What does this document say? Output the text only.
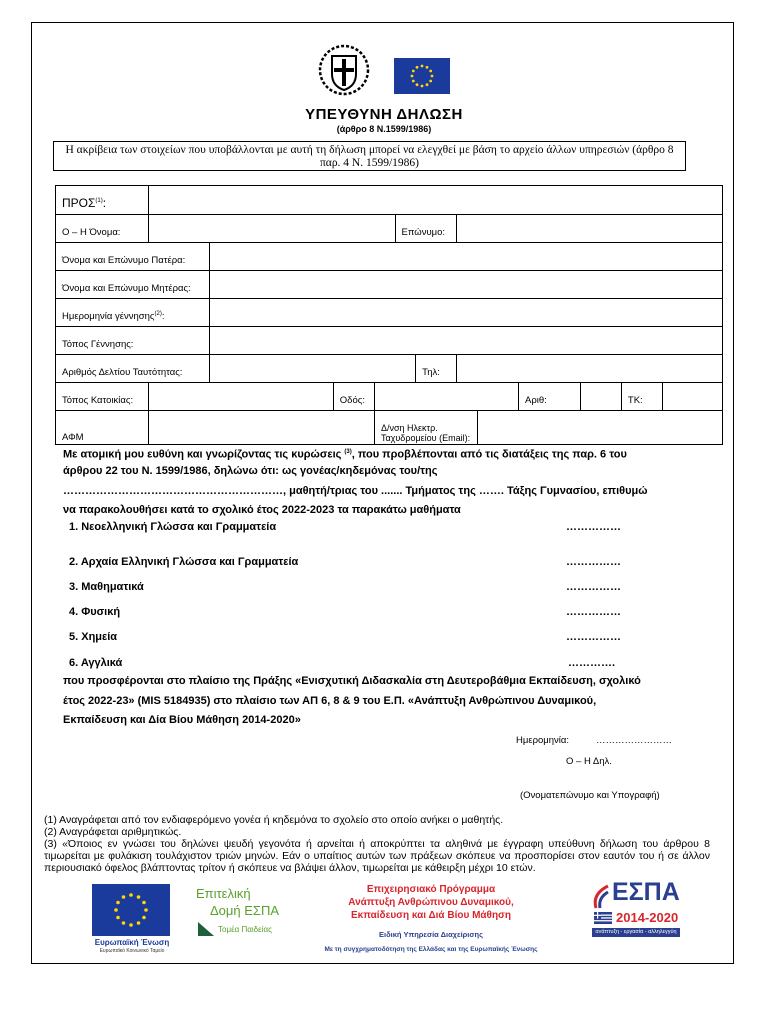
ΥΠΕΥΘΥΝΗ ΔΗΛΩΣΗ
(άρθρο 8 Ν.1599/1986)
Η ακρίβεια των στοιχείων που υποβάλλονται με αυτή τη δήλωση μπορεί να ελεγχθεί με βάση το αρχείο άλλων υπηρεσιών (άρθρο 8 παρ. 4 Ν. 1599/1986)
ΠΡΟΣ$^{(1)}$:												
Ο – Η Όνομα:					Επώνυμο:							
Όνομα και Επώνυμο Πατέρα:												
Όνομα και Επώνυμο Μητέρας:												
Ημερομηνία γέννησης$^{(2)}$:												
Τόπος Γέννησης:												
Αριθμός Δελτίου Ταυτότητας:						Τηλ:						
Τόπος Κατοικίας:			Οδός:						Αριθ:		ΤΚ:	
ΑΦΜ				Δ/νση Ηλεκτρ. Ταχυδρομείου (Email):								
Με ατομική μου ευθύνη και γνωρίζοντας τις κυρώσεις $^{(3)}$, που προβλέπονται από τις διατάξεις της παρ. 6 του
άρθρου 22 του Ν. 1599/1986, δηλώνω ότι: ως γονέας/κηδεμόνας του/της
……………………………………………………, μαθητή/τριας του ....... Τμήματος της ……. Τάξης Γυμνασίου, επιθυμώ
να παρακολουθήσει κατά το σχολικό έτος 2022-2023 τα παρακάτω μαθήματα
1. Νεοελληνική Γλώσσα και Γραμματεία	……………
2. Αρχαία Ελληνική Γλώσσα και Γραμματεία	……………
3. Μαθηματικά	……………
4. Φυσική	……………
5. Χημεία	……………
6. Αγγλικά	………….
που προσφέρονται στο πλαίσιο της Πράξης «Ενισχυτική Διδασκαλία στη Δευτεροβάθμια Εκπαίδευση, σχολικό
έτος 2022-23» (MIS 5184935) στο πλαίσιο των ΑΠ 6, 8 & 9 του Ε.Π. «Ανάπτυξη Ανθρώπινου Δυναμικού,
Εκπαίδευση και Δία Βίου Μάθηση 2014-2020»
Ημερομηνία:	……………………
Ο – Η Δηλ.
(Ονοματεπώνυμο και Υπογραφή)
(1) Αναγράφεται από τον ενδιαφερόμενο γονέα ή κηδεμόνα το σχολείο στο οποίο ανήκει ο μαθητής.
(2) Αναγράφεται αριθμητικώς.
(3) «Όποιος εν γνώσει του δηλώνει ψευδή γεγονότα ή αρνείται ή αποκρύπτει τα αληθινά με έγγραφη υπεύθυνη δήλωση του άρθρου 8 τιμωρείται με φυλάκιση τουλάχιστον τριών μηνών. Εάν ο υπαίτιος αυτών των πράξεων σκόπευε να προσπορίσει στον εαυτόν του ή σε άλλον περιουσιακό όφελος βλάπτοντας τρίτον ή σκόπευε να βλάψει άλλον, τιμωρείται με κάθειρξη μέχρι 10 ετών.
Ευρωπαϊκή Ένωση
Ευρωπαϊκό Κοινωνικό Ταμείο
Επιτελική
Δομή ΕΣΠΑ
Τομέα Παιδείας
Επιχειρησιακό Πρόγραμμα
Ανάπτυξη Ανθρώπινου Δυναμικού,
Εκπαίδευση και Διά Βίου Μάθηση
Ειδική Υπηρεσία Διαχείρισης
Με τη συγχρηματοδότηση της Ελλάδας και της Ευρωπαϊκής Ένωσης
ΕΣΠΑ
2014-2020
ανάπτυξη - εργασία - αλληλεγγύη
